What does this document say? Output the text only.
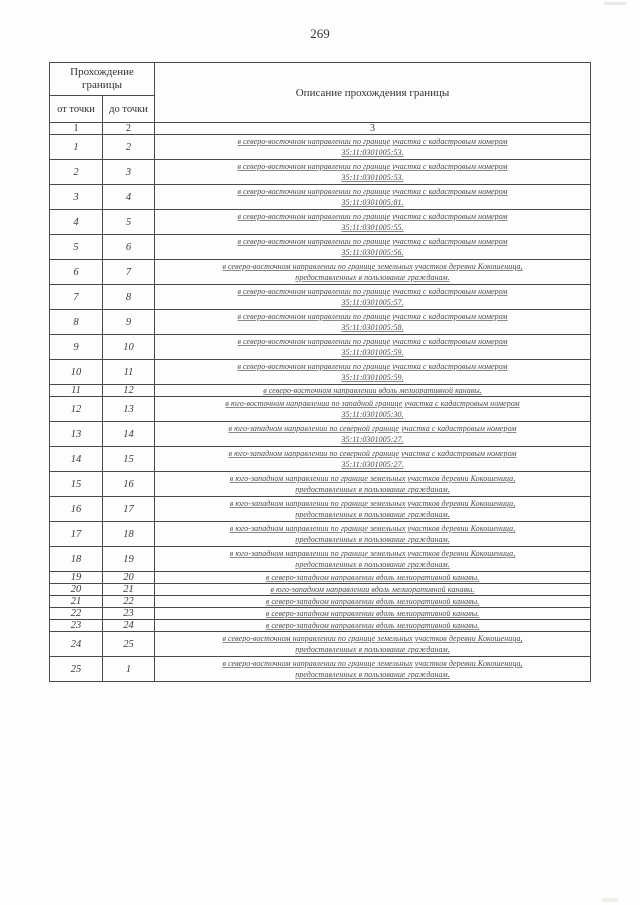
269
Прохождение границы		Описание прохождения границы
от точки	до точки	
1	2	3
1	2	в северо-восточном направлении по границе участка с кадастровым номером
35:11:0301005:53.
2	3	в северо-восточном направлении по границе участка с кадастровым номером
35:11:0301005:53.
3	4	в северо-восточном направлении по границе участка с кадастровым номером
35:11:0301005:81.
4	5	в северо-восточном направлении по границе участка с кадастровым номером
35:11:0301005:55.
5	6	в северо-восточном направлении по границе участка с кадастровым номером
35:11:0301005:56.
6	7	в северо-восточном направлении по границе земельных участков деревни Кокошеница,
предоставленных в пользование гражданам.
7	8	в северо-восточном направлении по границе участка с кадастровым номером
35:11:0301005:57.
8	9	в северо-восточном направлении по границе участка с кадастровым номером
35:11:0301005:58.
9	10	в северо-восточном направлении по границе участка с кадастровым номером
35:11:0301005:59.
10	11	в северо-восточном направлении по границе участка с кадастровым номером
35:11:0301005:59.
11	12	в северо-восточном направлении вдоль мелиоративной канавы.
12	13	в юго-восточном направлении по западной границе участка с кадастровым номером
35:11:0301005:30.
13	14	в юго-западном направлении по северной границе участка с кадастровым номером
35:11:0301005:27.
14	15	в юго-западном направлении по северной границе участка с кадастровым номером
35:11:0301005:27.
15	16	в юго-западном направлении по границе земельных участков деревни Кокошеница,
предоставленных в пользование гражданам.
16	17	в юго-западном направлении по границе земельных участков деревни Кокошеница,
предоставленных в пользование гражданам.
17	18	в юго-западном направлении по границе земельных участков деревни Кокошеница,
предоставленных в пользование гражданам.
18	19	в юго-западном направлении по границе земельных участков деревни Кокошеница,
предоставленных в пользование гражданам.
19	20	в северо-западном направлении вдоль мелиоративной канавы.
20	21	в юго-западном направлении вдоль мелиоративной канавы.
21	22	в северо-западном направлении вдоль мелиоративной канавы.
22	23	в северо-западном направлении вдоль мелиоративной канавы.
23	24	в северо-западном направлении вдоль мелиоративной канавы.
24	25	в северо-восточном направлении по границе земельных участков деревни Кокошеница,
предоставленных в пользование гражданам.
25	1	в северо-восточном направлении по границе земельных участков деревни Кокошеница,
предоставленных в пользование гражданам.
